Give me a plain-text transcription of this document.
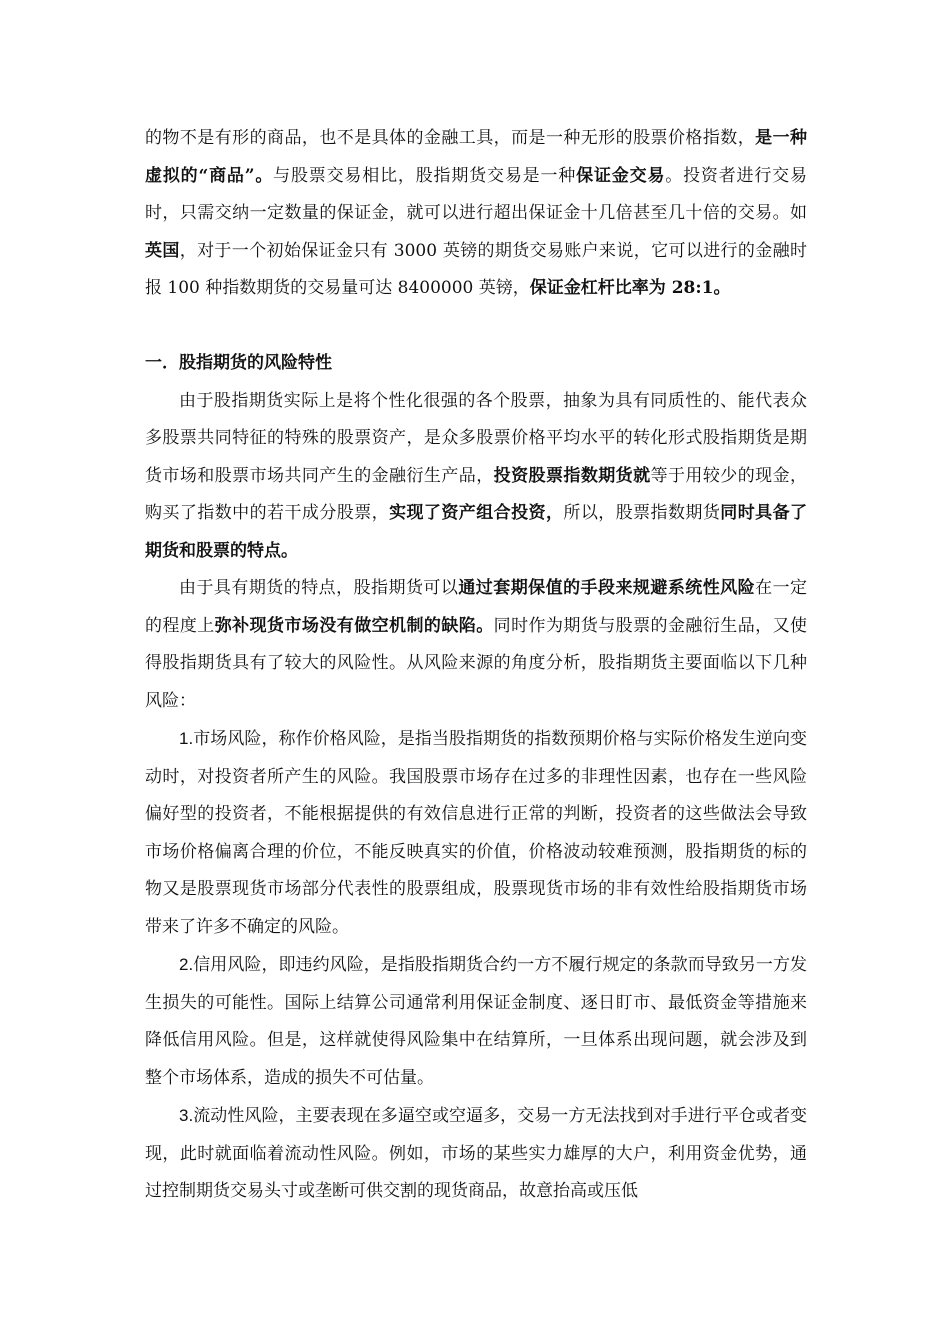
的物不是有形的商品，也不是具体的金融工具，而是一种无形的股票价格指数，是一种虚拟的“商品”。与股票交易相比，股指期货交易是一种保证金交易。投资者进行交易时，只需交纳一定数量的保证金，就可以进行超出保证金十几倍甚至几十倍的交易。如英国，对于一个初始保证金只有 3000 英镑的期货交易账户来说，它可以进行的金融时报 100 种指数期货的交易量可达 8400000 英镑，保证金杠杆比率为 28:1。

一．股指期货的风险特性

由于股指期货实际上是将个性化很强的各个股票，抽象为具有同质性的、能代表众多股票共同特征的特殊的股票资产，是众多股票价格平均水平的转化形式股指期货是期货市场和股票市场共同产生的金融衍生产品，投资股票指数期货就等于用较少的现金，购买了指数中的若干成分股票，实现了资产组合投资，所以，股票指数期货同时具备了期货和股票的特点。

由于具有期货的特点，股指期货可以通过套期保值的手段来规避系统性风险在一定的程度上弥补现货市场没有做空机制的缺陷。同时作为期货与股票的金融衍生品，又使得股指期货具有了较大的风险性。从风险来源的角度分析，股指期货主要面临以下几种风险：

1.市场风险，称作价格风险，是指当股指期货的指数预期价格与实际价格发生逆向变动时，对投资者所产生的风险。我国股票市场存在过多的非理性因素，也存在一些风险偏好型的投资者，不能根据提供的有效信息进行正常的判断，投资者的这些做法会导致市场价格偏离合理的价位，不能反映真实的价值，价格波动较难预测，股指期货的标的物又是股票现货市场部分代表性的股票组成，股票现货市场的非有效性给股指期货市场带来了许多不确定的风险。

2.信用风险，即违约风险，是指股指期货合约一方不履行规定的条款而导致另一方发生损失的可能性。国际上结算公司通常利用保证金制度、逐日盯市、最低资金等措施来降低信用风险。但是，这样就使得风险集中在结算所，一旦体系出现问题，就会涉及到整个市场体系，造成的损失不可估量。

3.流动性风险，主要表现在多逼空或空逼多，交易一方无法找到对手进行平仓或者变现，此时就面临着流动性风险。例如，市场的某些实力雄厚的大户，利用资金优势，通过控制期货交易头寸或垄断可供交割的现货商品，故意抬高或压低
